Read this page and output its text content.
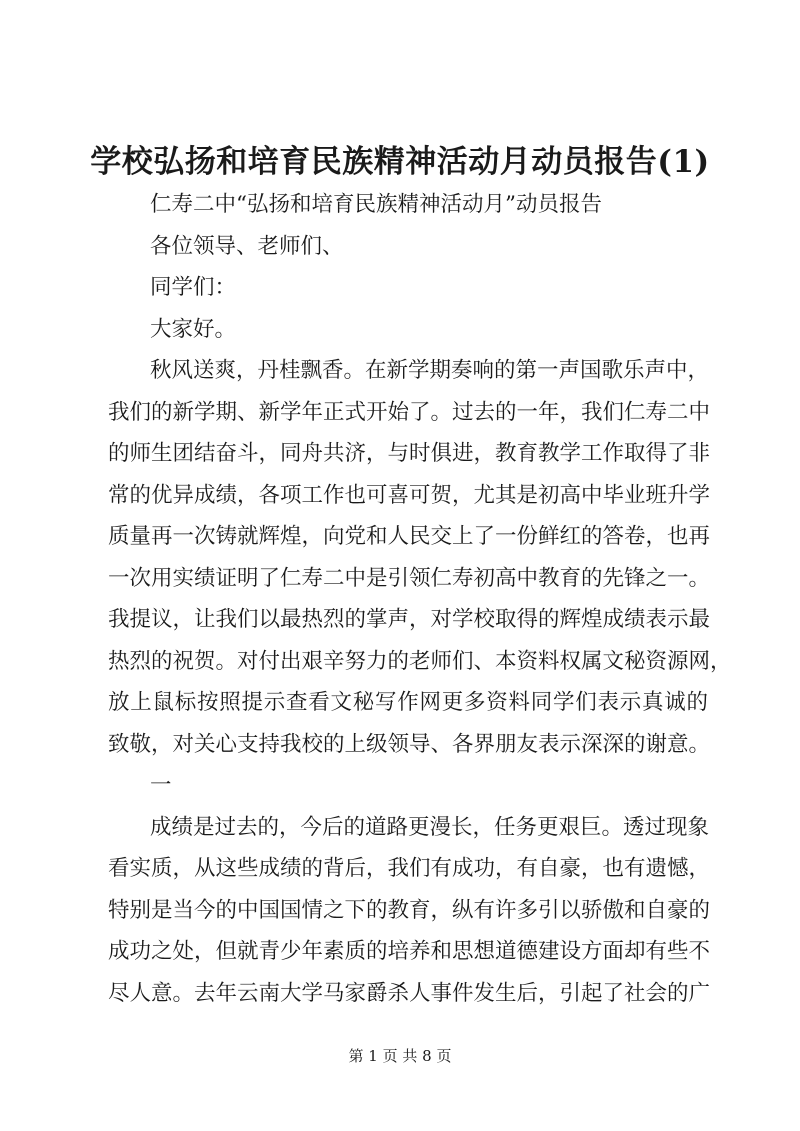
学校弘扬和培育民族精神活动月动员报告(1)
仁寿二中“弘扬和培育民族精神活动月”动员报告
各位领导、老师们、
同学们：
大家好。
秋风送爽，丹桂飘香。在新学期奏响的第一声国歌乐声中，
我们的新学期、新学年正式开始了。过去的一年，我们仁寿二中
的师生团结奋斗，同舟共济，与时俱进，教育教学工作取得了非
常的优异成绩，各项工作也可喜可贺，尤其是初高中毕业班升学
质量再一次铸就辉煌，向党和人民交上了一份鲜红的答卷，也再
一次用实绩证明了仁寿二中是引领仁寿初高中教育的先锋之一。
我提议，让我们以最热烈的掌声，对学校取得的辉煌成绩表示最
热烈的祝贺。对付出艰辛努力的老师们、本资料权属文秘资源网，
放上鼠标按照提示查看文秘写作网更多资料同学们表示真诚的
致敬，对关心支持我校的上级领导、各界朋友表示深深的谢意。
一
成绩是过去的，今后的道路更漫长，任务更艰巨。透过现象
看实质，从这些成绩的背后，我们有成功，有自豪，也有遗憾，
特别是当今的中国国情之下的教育，纵有许多引以骄傲和自豪的
成功之处，但就青少年素质的培养和思想道德建设方面却有些不
尽人意。去年云南大学马家爵杀人事件发生后，引起了社会的广
第 1 页 共 8 页
